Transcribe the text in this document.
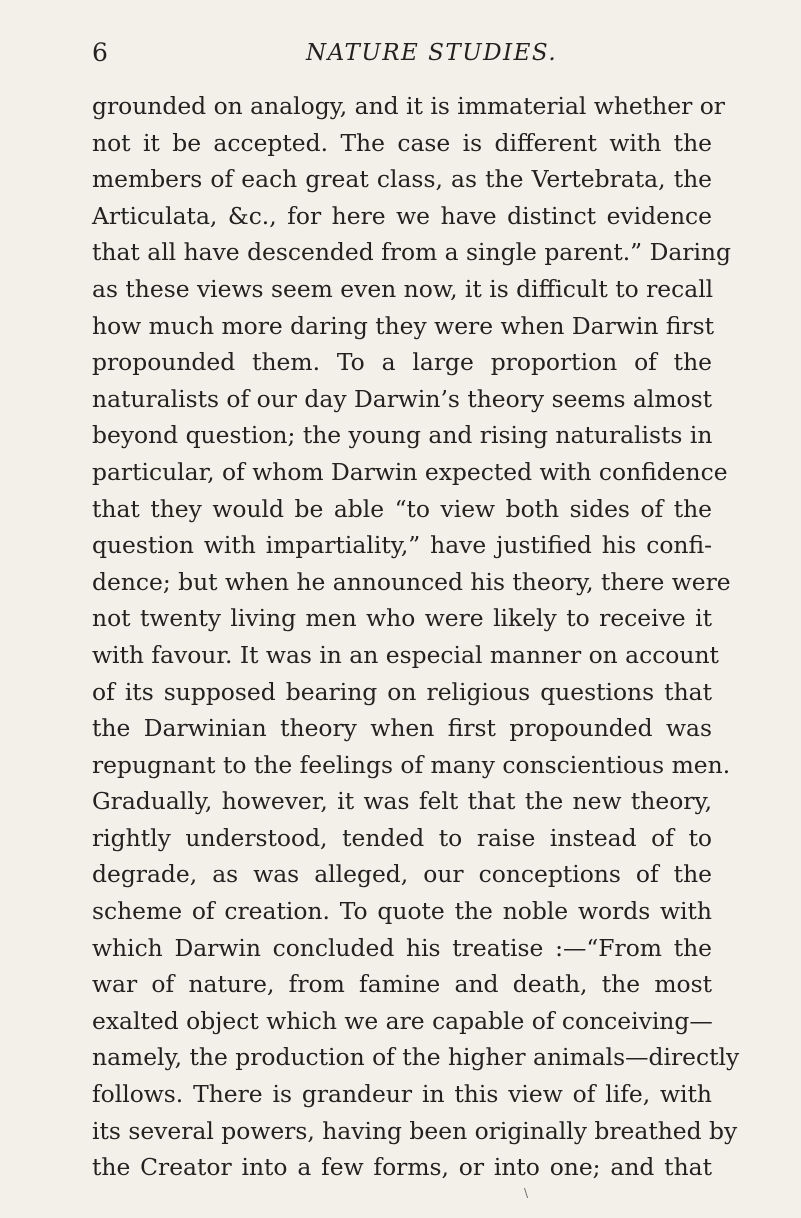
6	NATURE STUDIES.
grounded on analogy, and it is immaterial whether or
not it be accepted. The case is different with the
members of each great class, as the Vertebrata, the
Articulata, &c., for here we have distinct evidence
that all have descended from a single parent.” Daring
as these views seem even now, it is difficult to recall
how much more daring they were when Darwin first
propounded them. To a large proportion of the
naturalists of our day Darwin’s theory seems almost
beyond question; the young and rising naturalists in
particular, of whom Darwin expected with confidence
that they would be able “to view both sides of the
question with impartiality,” have justified his confi-
dence; but when he announced his theory, there were
not twenty living men who were likely to receive it
with favour. It was in an especial manner on account
of its supposed bearing on religious questions that
the Darwinian theory when first propounded was
repugnant to the feelings of many conscientious men.
Gradually, however, it was felt that the new theory,
rightly understood, tended to raise instead of to
degrade, as was alleged, our conceptions of the
scheme of creation. To quote the noble words with
which Darwin concluded his treatise :—“From the
war of nature, from famine and death, the most
exalted object which we are capable of conceiving—
namely, the production of the higher animals—directly
follows. There is grandeur in this view of life, with
its several powers, having been originally breathed by
the Creator into a few forms, or into one; and that
\
